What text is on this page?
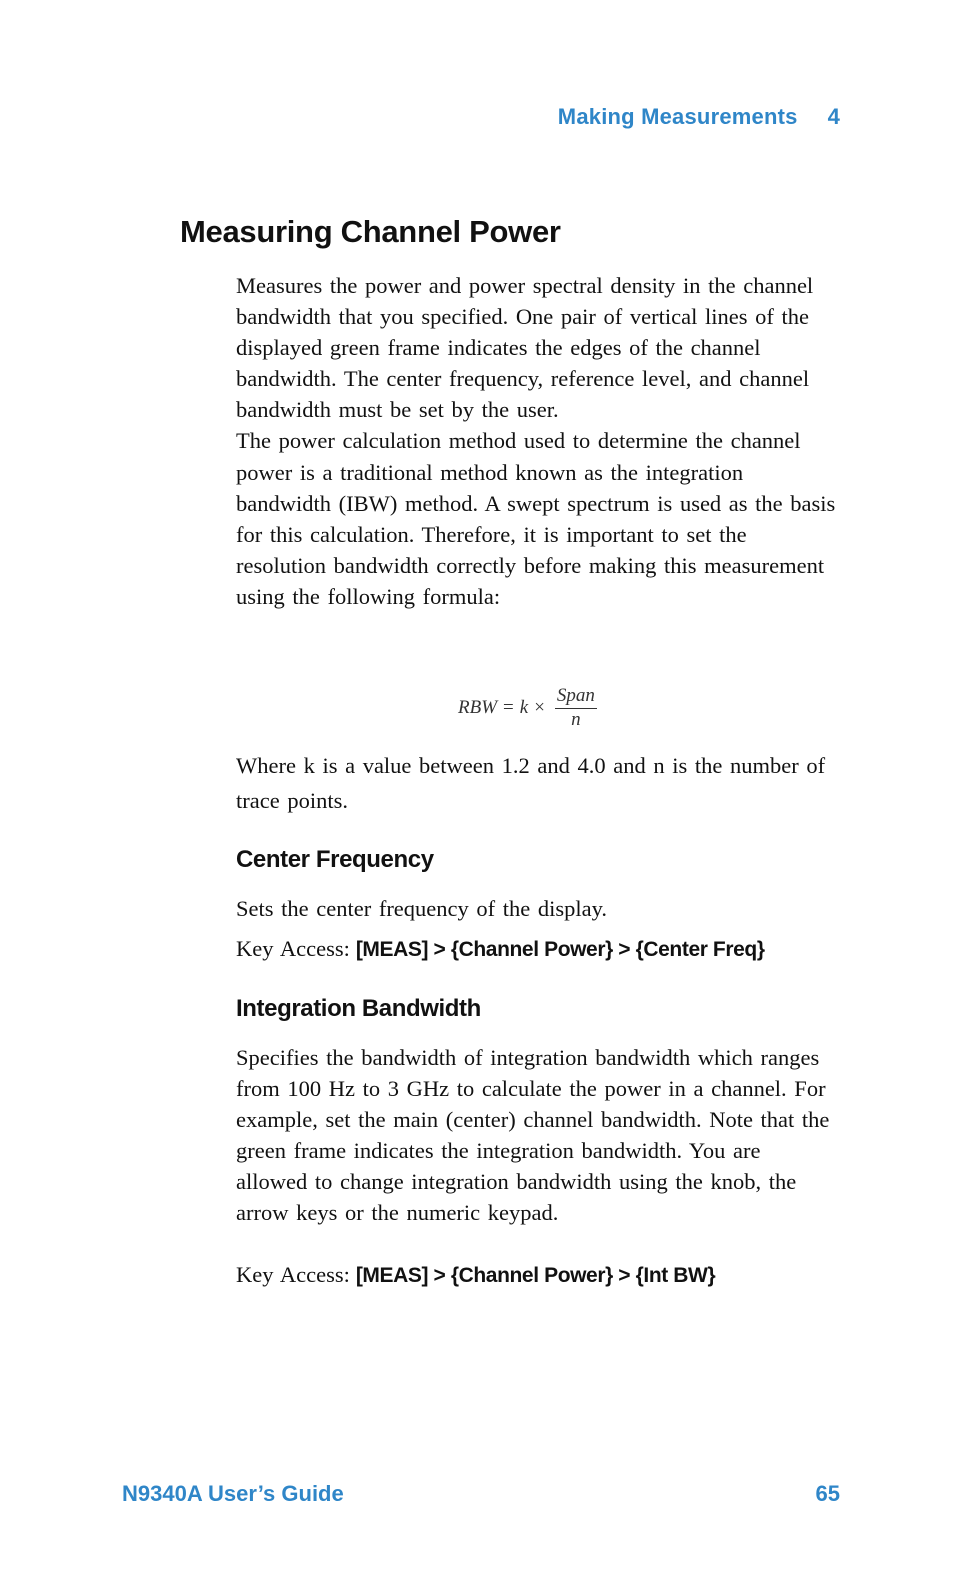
Making Measurements 4
Measuring Channel Power

Measures the power and power spectral density in the channel bandwidth that you specified. One pair of vertical lines of the displayed green frame indicates the edges of the channel bandwidth. The center frequency, reference level, and channel bandwidth must be set by the user.

The power calculation method used to determine the channel power is a traditional method known as the integration bandwidth (IBW) method. A swept spectrum is used as the basis for this calculation. Therefore, it is important to set the resolution bandwidth correctly before making this measurement using the following formula:

RBW = $k \times \frac{\text{Span}}{n}$

Where k is a value between 1.2 and 4.0 and n is the number of trace points.

Center Frequency

Sets the center frequency of the display.

Key Access: [MEAS] > {Channel Power} > {Center Freq}
Integration Bandwidth

Specifies the bandwidth of integration bandwidth which ranges from 100 Hz to 3 GHz to calculate the power in a channel. For example, set the main (center) channel bandwidth. Note that the green frame indicates the integration bandwidth. You are allowed to change integration bandwidth using the knob, the arrow keys or the numeric keypad.

Key Access: [MEAS] > {Channel Power} > {Int BW}
N9340A User’s Guide	65
